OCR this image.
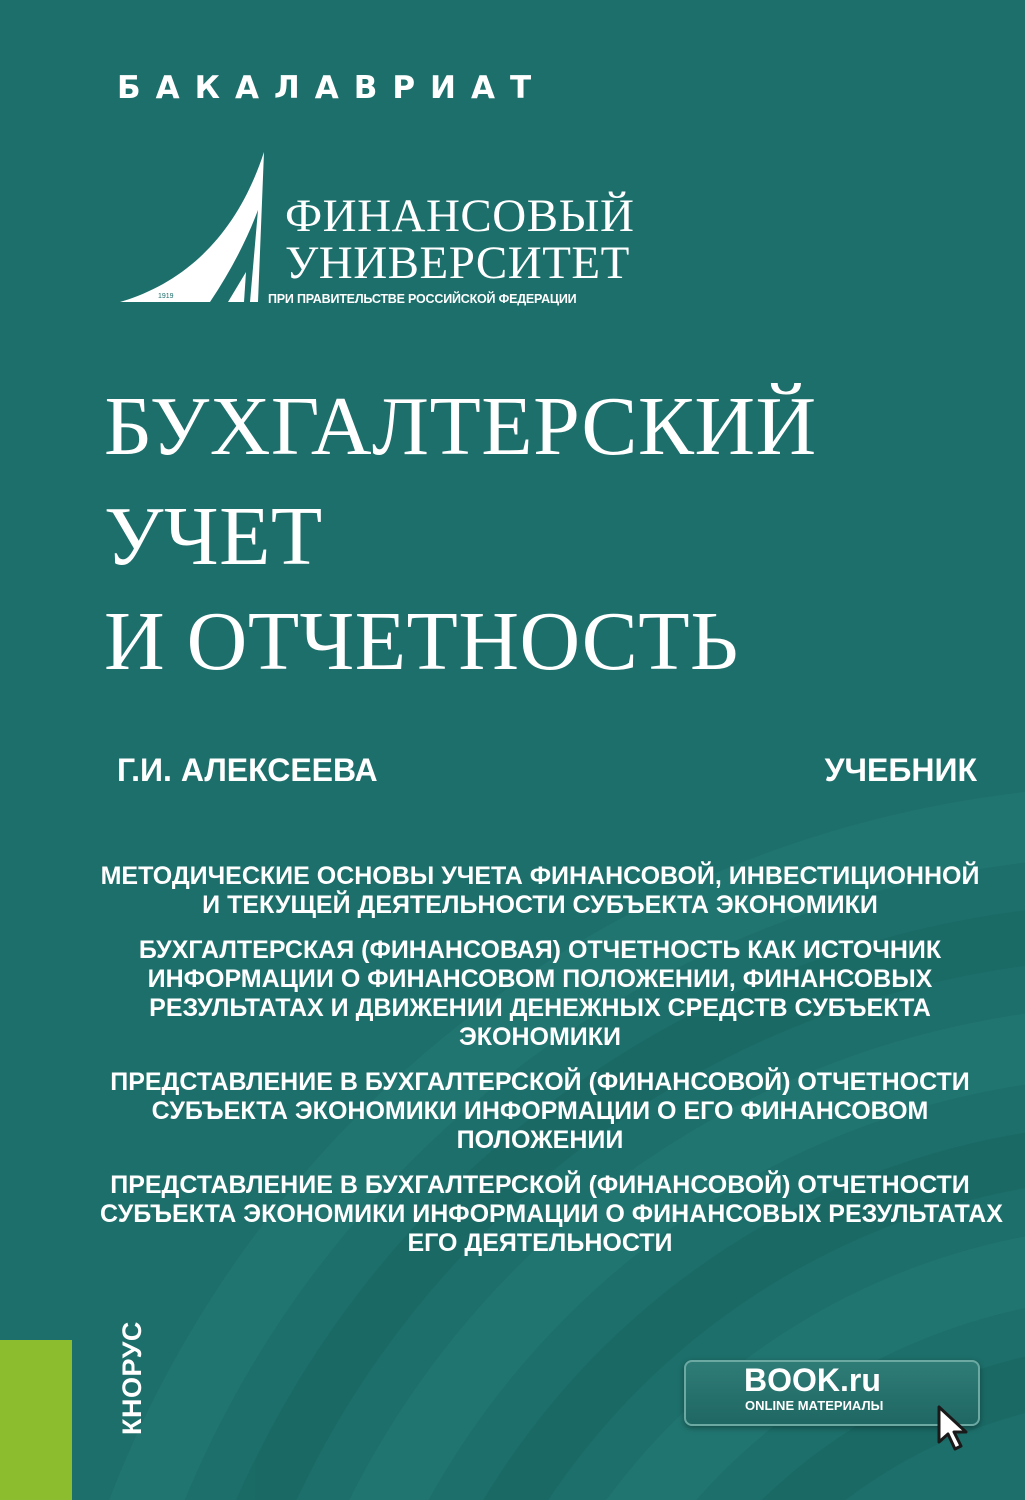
БАКАЛАВРИАТ
1919
ФИНАНСОВЫЙ
УНИВЕРСИТЕТ
ПРИ ПРАВИТЕЛЬСТВЕ РОССИЙСКОЙ ФЕДЕРАЦИИ
БУХГАЛТЕРСКИЙ
УЧЕТ
И ОТЧЕТНОСТЬ
Г.И. АЛЕКСЕЕВА	УЧЕБНИК
МЕТОДИЧЕСКИЕ ОСНОВЫ УЧЕТА ФИНАНСОВОЙ, ИНВЕСТИЦИОННОЙ
И ТЕКУЩЕЙ ДЕЯТЕЛЬНОСТИ СУБЪЕКТА ЭКОНОМИКИ
БУХГАЛТЕРСКАЯ (ФИНАНСОВАЯ) ОТЧЕТНОСТЬ КАК ИСТОЧНИК
ИНФОРМАЦИИ О ФИНАНСОВОМ ПОЛОЖЕНИИ, ФИНАНСОВЫХ
РЕЗУЛЬТАТАХ И ДВИЖЕНИИ ДЕНЕЖНЫХ СРЕДСТВ СУБЪЕКТА
ЭКОНОМИКИ
ПРЕДСТАВЛЕНИЕ В БУХГАЛТЕРСКОЙ (ФИНАНСОВОЙ) ОТЧЕТНОСТИ
СУБЪЕКТА ЭКОНОМИКИ ИНФОРМАЦИИ О ЕГО ФИНАНСОВОМ
ПОЛОЖЕНИИ
ПРЕДСТАВЛЕНИЕ В БУХГАЛТЕРСКОЙ (ФИНАНСОВОЙ) ОТЧЕТНОСТИ
СУБЪЕКТА ЭКОНОМИКИ ИНФОРМАЦИИ О ФИНАНСОВЫХ РЕЗУЛЬТАТАХ
ЕГО ДЕЯТЕЛЬНОСТИ
КНОРУС	BOOK.ru
ONLINE МАТЕРИАЛЫ
